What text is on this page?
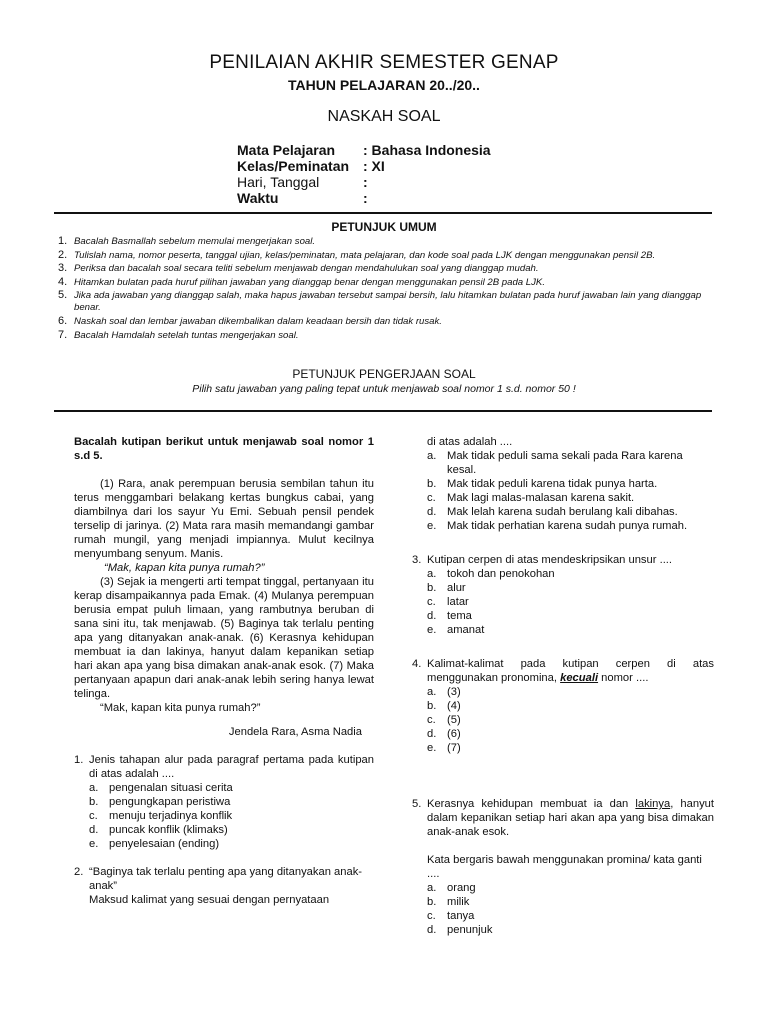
PENILAIAN AKHIR SEMESTER GENAP
TAHUN PELAJARAN 20../20..
NASKAH SOAL
Mata Pelajaran	: Bahasa Indonesia
Kelas/Peminatan : XI
Hari, Tanggal	:
Waktu	:
PETUNJUK UMUM
1. Bacalah Basmallah sebelum memulai mengerjakan soal.
2. Tulislah nama, nomor peserta, tanggal ujian, kelas/peminatan, mata pelajaran, dan kode soal pada LJK dengan menggunakan pensil 2B.
3. Periksa dan bacalah soal secara teliti sebelum menjawab dengan mendahulukan soal yang dianggap mudah.
4. Hitamkan bulatan pada huruf pilihan jawaban yang dianggap benar dengan menggunakan pensil 2B pada LJK.
5. Jika ada jawaban yang dianggap salah, maka hapus jawaban tersebut sampai bersih, lalu hitamkan bulatan pada huruf jawaban lain yang dianggap benar.
6. Naskah soal dan lembar jawaban dikembalikan dalam keadaan bersih dan tidak rusak.
7. Bacalah Hamdalah setelah tuntas mengerjakan soal.
PETUNJUK PENGERJAAN SOAL
Pilih satu jawaban yang paling tepat untuk menjawab soal nomor 1 s.d. nomor 50 !

Bacalah kutipan berikut untuk menjawab soal nomor 1 s.d 5.

(1) Rara, anak perempuan berusia sembilan tahun itu terus menggambari belakang kertas bungkus cabai, yang diambilnya dari los sayur Yu Emi. Sebuah pensil pendek terselip di jarinya. (2) Mata rara masih memandangi gambar rumah mungil, yang menjadi impiannya. Mulut kecilnya menyumbang senyum. Manis.

“Mak, kapan kita punya rumah?”

(3) Sejak ia mengerti arti tempat tinggal, pertanyaan itu kerap disampaikannya pada Emak. (4) Mulanya perempuan berusia empat puluh limaan, yang rambutnya beruban di sana sini itu, tak menjawab. (5) Baginya tak terlalu penting apa yang ditanyakan anak-anak. (6) Kerasnya kehidupan membuat ia dan lakinya, hanyut dalam kepanikan setiap hari akan apa yang bisa dimakan anak-anak esok. (7) Maka pertanyaan apapun dari anak-anak lebih sering hanya lewat telinga.

“Mak, kapan kita punya rumah?”

Jendela Rara, Asma Nadia

1. Jenis tahapan alur pada paragraf pertama pada kutipan di atas adalah ....

a. pengenalan situasi cerita
b. pengungkapan peristiwa
c. menuju terjadinya konflik
d. puncak konflik (klimaks)
e. penyelesaian (ending)
2. “Baginya tak terlalu penting apa yang ditanyakan anak-anak”

Maksud kalimat yang sesuai dengan pernyataan

di atas adalah ....

a. Mak tidak peduli sama sekali pada Rara karena kesal.
b. Mak tidak peduli karena tidak punya harta.
c. Mak lagi malas-malasan karena sakit.
d. Mak lelah karena sudah berulang kali dibahas.
e. Mak tidak perhatian karena sudah punya rumah.
3. Kutipan cerpen di atas mendeskripsikan unsur ....

a. tokoh dan penokohan
b. alur
c. latar
d. tema
e. amanat
4. Kalimat-kalimat pada kutipan cerpen di atas menggunakan pronomina, kecuali nomor ....

a. (3)
b. (4)
c. (5)
d. (6)
e. (7)
5. Kerasnya kehidupan membuat ia dan lakinya, hanyut dalam kepanikan setiap hari akan apa yang bisa dimakan anak-anak esok.

Kata bergaris bawah menggunakan promina/ kata ganti ....

a. orang
b. milik
c. tanya
d. penunjuk
